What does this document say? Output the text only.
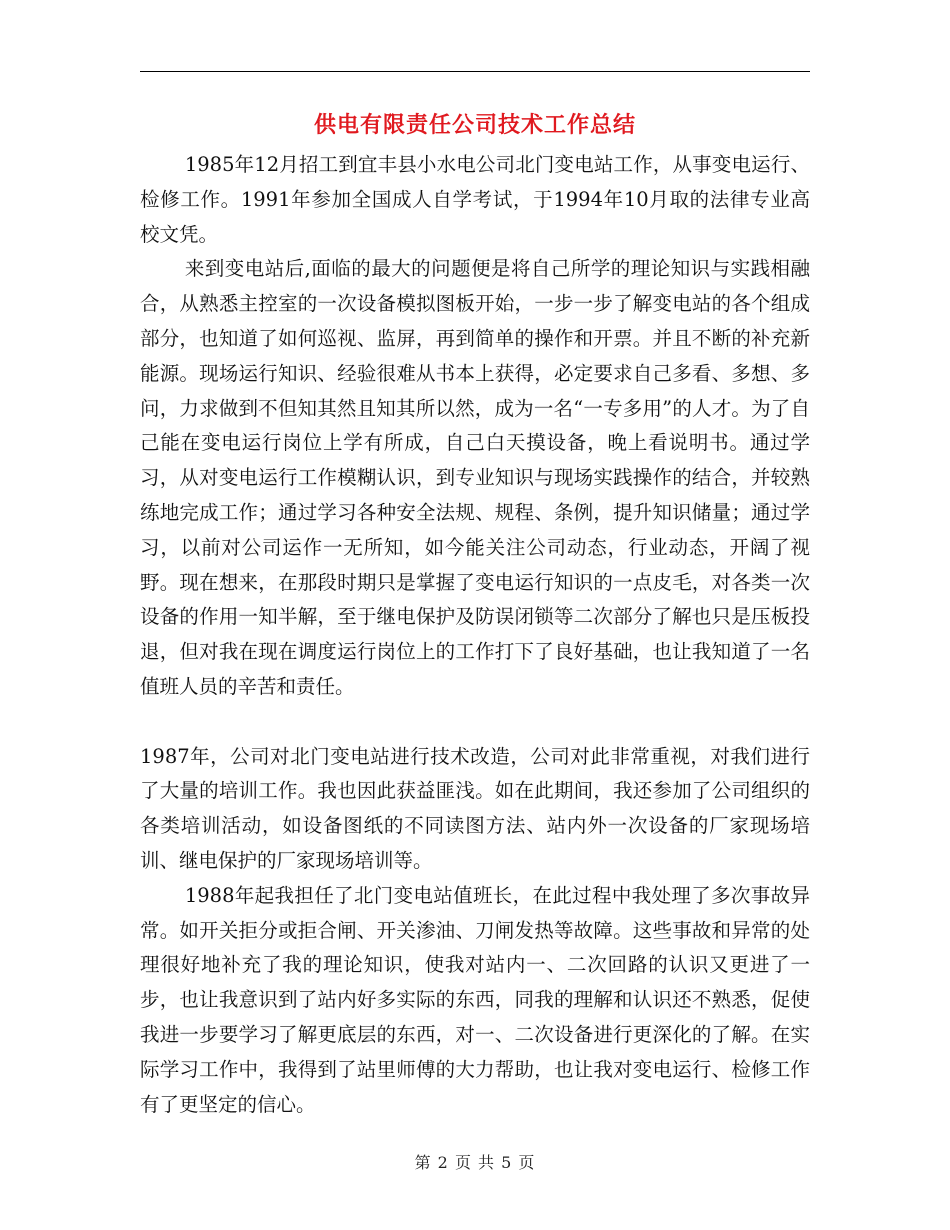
供电有限责任公司技术工作总结

1985年12月招工到宜丰县小水电公司北门变电站工作，从事变电运行、检修工作。1991年参加全国成人自学考试，于1994年10月取的法律专业高校文凭。

来到变电站后,面临的最大的问题便是将自己所学的理论知识与实践相融合，从熟悉主控室的一次设备模拟图板开始，一步一步了解变电站的各个组成部分，也知道了如何巡视、监屏，再到简单的操作和开票。并且不断的补充新能源。现场运行知识、经验很难从书本上获得，必定要求自己多看、多想、多问，力求做到不但知其然且知其所以然，成为一名“一专多用”的人才。为了自己能在变电运行岗位上学有所成，自己白天摸设备，晚上看说明书。通过学习，从对变电运行工作模糊认识，到专业知识与现场实践操作的结合，并较熟练地完成工作；通过学习各种安全法规、规程、条例，提升知识储量；通过学习，以前对公司运作一无所知，如今能关注公司动态，行业动态，开阔了视野。现在想来，在那段时期只是掌握了变电运行知识的一点皮毛，对各类一次设备的作用一知半解，至于继电保护及防误闭锁等二次部分了解也只是压板投退，但对我在现在调度运行岗位上的工作打下了良好基础，也让我知道了一名值班人员的辛苦和责任。

1987年，公司对北门变电站进行技术改造，公司对此非常重视，对我们进行了大量的培训工作。我也因此获益匪浅。如在此期间，我还参加了公司组织的各类培训活动，如设备图纸的不同读图方法、站内外一次设备的厂家现场培训、继电保护的厂家现场培训等。

1988年起我担任了北门变电站值班长，在此过程中我处理了多次事故异常。如开关拒分或拒合闸、开关渗油、刀闸发热等故障。这些事故和异常的处理很好地补充了我的理论知识，使我对站内一、二次回路的认识又更进了一步，也让我意识到了站内好多实际的东西，同我的理解和认识还不熟悉，促使我进一步要学习了解更底层的东西，对一、二次设备进行更深化的了解。在实际学习工作中，我得到了站里师傅的大力帮助，也让我对变电运行、检修工作有了更坚定的信心。

第 2 页 共 5 页
